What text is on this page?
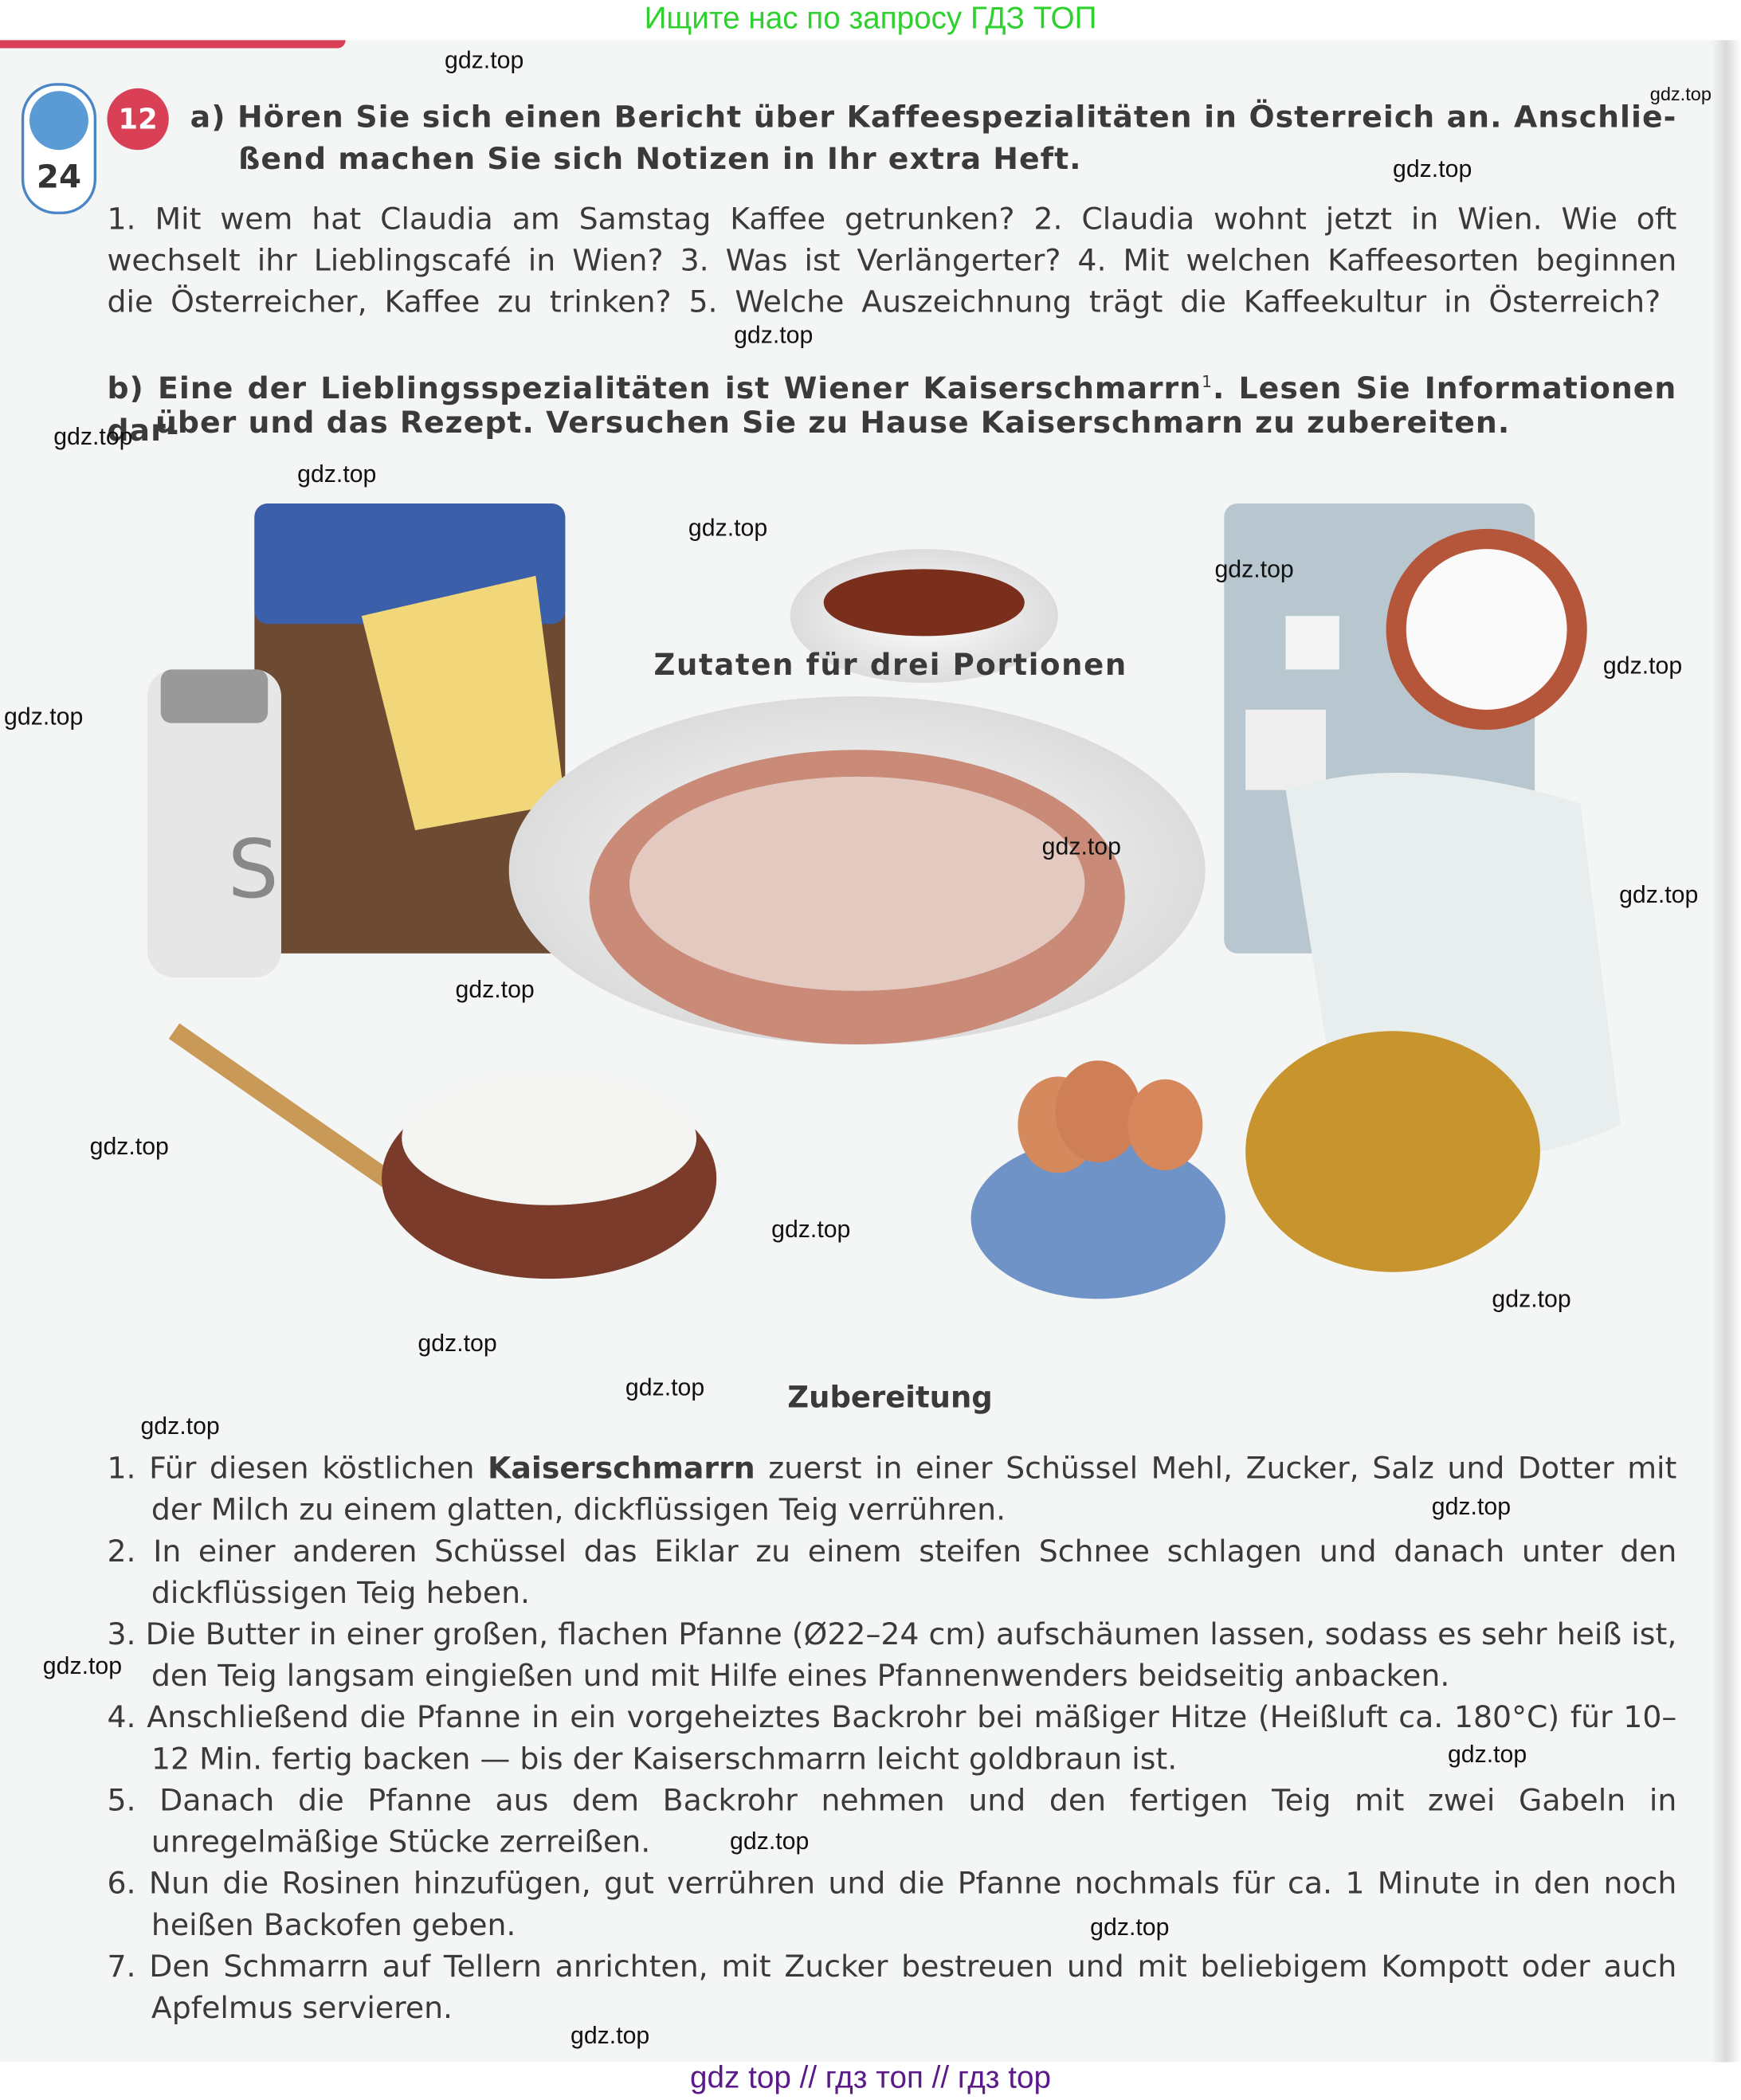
Ищите нас по запросу ГДЗ ТОП
24
12	a) Hören Sie sich einen Bericht über Kaffeespezialitäten in Österreich an. Anschlie-
ßend machen Sie sich Notizen in Ihr extra Heft.
1. Mit wem hat Claudia am Samstag Kaffee getrunken? 2. Claudia wohnt jetzt in Wien. Wie oft
wechselt ihr Lieblingscafé in Wien? 3. Was ist Verlängerter? 4. Mit welchen Kaffeesorten beginnen
die Österreicher, Kaffee zu trinken? 5. Welche Auszeichnung trägt die Kaffeekultur in Österreich?
b) Eine der Lieblingsspezialitäten ist Wiener Kaiserschmarrn$^1$. Lesen Sie Informationen dar-
über und das Rezept. Versuchen Sie zu Hause Kaiserschmarn zu zubereiten.
S
Zutaten für drei Portionen
Zubereitung
1. Für diesen köstlichen Kaiserschmarrn zuerst in einer Schüssel Mehl, Zucker, Salz und Dotter mit der Milch zu einem glatten, dickflüssigen Teig verrühren.
2. In einer anderen Schüssel das Eiklar zu einem steifen Schnee schlagen und danach unter den dickflüssigen Teig heben.
3. Die Butter in einer großen, flachen Pfanne (Ø22–24 cm) aufschäumen lassen, sodass es sehr heiß ist, den Teig langsam eingießen und mit Hilfe eines Pfannenwenders beidseitig anbacken.
4. Anschließend die Pfanne in ein vorgeheiztes Backrohr bei mäßiger Hitze (Heißluft ca. 180°C) für 10–12 Min. fertig backen — bis der Kaiserschmarrn leicht goldbraun ist.
5. Danach die Pfanne aus dem Backrohr nehmen und den fertigen Teig mit zwei Gabeln in unregelmäßige Stücke zerreißen.
6. Nun die Rosinen hinzufügen, gut verrühren und die Pfanne nochmals für ca. 1 Minute in den noch heißen Backofen geben.
7. Den Schmarrn auf Tellern anrichten, mit Zucker bestreuen und mit beliebigem Kompott oder auch Apfelmus servieren.
gdz.top
gdz.top
gdz.top
gdz.top
gdz.top
gdz.top
gdz.top
gdz.top
gdz.top
gdz.top
gdz.top
gdz.top
gdz.top
gdz.top
gdz.top
gdz.top
gdz.top
gdz.top
gdz.top
gdz.top
gdz.top
gdz.top
gdz.top
gdz.top
gdz.top
gdz top // гдз топ // гдз top
